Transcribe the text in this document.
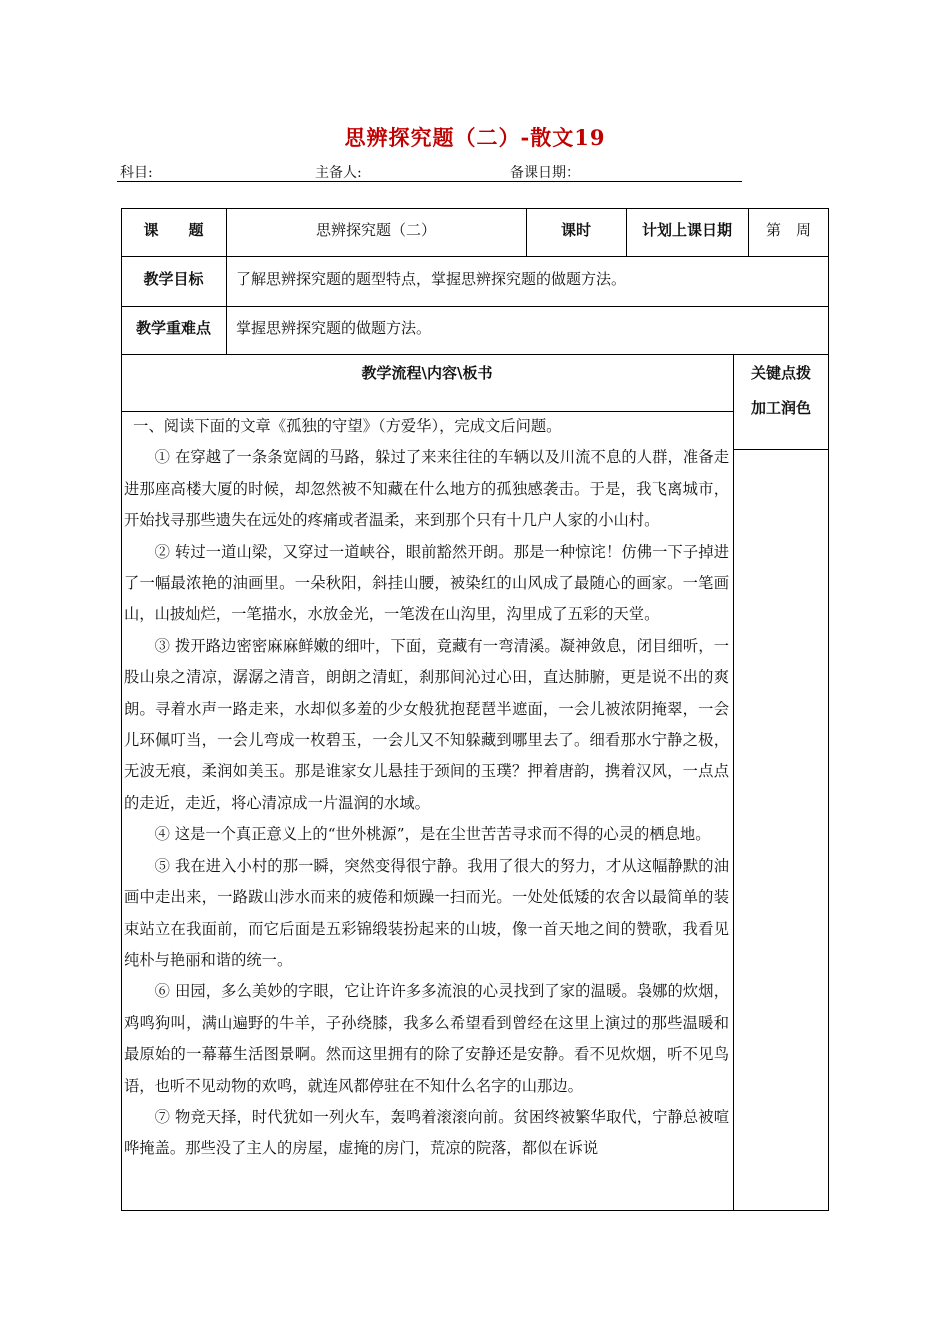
思辨探究题（二）-散文19
科目:	主备人:	备课日期：
课　　题	思辨探究题（二）	课时	计划上课日期	第　周
教学目标	了解思辨探究题的题型特点，掌握思辨探究题的做题方法。
教学重难点	掌握思辨探究题的做题方法。
教学流程\内容\板书	关键点拨
加工润色

一、阅读下面的文章《孤独的守望》（方爱华），完成文后问题。

① 在穿越了一条条宽阔的马路，躲过了来来往往的车辆以及川流不息的人群，准备走进那座高楼大厦的时候，却忽然被不知藏在什么地方的孤独感袭击。于是，我飞离城市，开始找寻那些遗失在远处的疼痛或者温柔，来到那个只有十几户人家的小山村。

② 转过一道山梁，又穿过一道峡谷，眼前豁然开朗。那是一种惊诧！仿佛一下子掉进了一幅最浓艳的油画里。一朵秋阳，斜挂山腰，被染红的山风成了最随心的画家。一笔画山，山披灿烂，一笔描水，水放金光，一笔泼在山沟里，沟里成了五彩的天堂。

③ 拨开路边密密麻麻鲜嫩的细叶，下面，竟藏有一弯清溪。凝神敛息，闭目细听，一股山泉之清凉，潺潺之清音，朗朗之清虹，刹那间沁过心田，直达肺腑，更是说不出的爽朗。寻着水声一路走来，水却似多羞的少女般犹抱琵琶半遮面，一会儿被浓阴掩翠，一会儿环佩叮当，一会儿弯成一枚碧玉，一会儿又不知躲藏到哪里去了。细看那水宁静之极，无波无痕，柔润如美玉。那是谁家女儿悬挂于颈间的玉璞？押着唐韵，携着汉风，一点点的走近，走近，将心清凉成一片温润的水域。

④ 这是一个真正意义上的“世外桃源”，是在尘世苦苦寻求而不得的心灵的栖息地。

⑤ 我在进入小村的那一瞬，突然变得很宁静。我用了很大的努力，才从这幅静默的油画中走出来，一路跋山涉水而来的疲倦和烦躁一扫而光。一处处低矮的农舍以最简单的装束站立在我面前，而它后面是五彩锦缎装扮起来的山坡，像一首天地之间的赞歌，我看见纯朴与艳丽和谐的统一。

⑥ 田园，多么美妙的字眼，它让许许多多流浪的心灵找到了家的温暖。袅娜的炊烟，鸡鸣狗叫，满山遍野的牛羊，子孙绕膝，我多么希望看到曾经在这里上演过的那些温暖和最原始的一幕幕生活图景啊。然而这里拥有的除了安静还是安静。看不见炊烟，听不见鸟语，也听不见动物的欢鸣，就连风都停驻在不知什么名字的山那边。

⑦ 物竞天择，时代犹如一列火车，轰鸣着滚滚向前。贫困终被繁华取代，宁静总被喧哗掩盖。那些没了主人的房屋，虚掩的房门，荒凉的院落，都似在诉说
